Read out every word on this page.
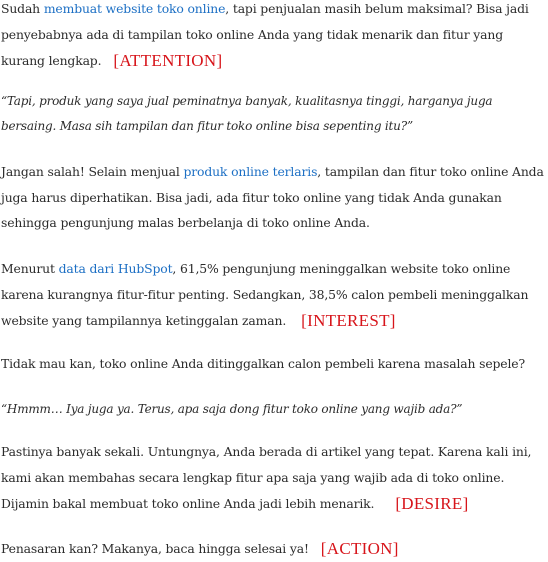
Sudah membuat website toko online, tapi penjualan masih belum maksimal? Bisa jadi penyebabnya ada di tampilan toko online Anda yang tidak menarik dan fitur yang kurang lengkap. [ATTENTION]

“Tapi, produk yang saya jual peminatnya banyak, kualitasnya tinggi, harganya juga bersaing. Masa sih tampilan dan fitur toko online bisa sepenting itu?”

Jangan salah! Selain menjual produk online terlaris, tampilan dan fitur toko online Anda juga harus diperhatikan. Bisa jadi, ada fitur toko online yang tidak Anda gunakan sehingga pengunjung malas berbelanja di toko online Anda.

Menurut data dari HubSpot, 61,5% pengunjung meninggalkan website toko online karena kurangnya fitur-fitur penting. Sedangkan, 38,5% calon pembeli meninggalkan website yang tampilannya ketinggalan zaman. [INTEREST]

Tidak mau kan, toko online Anda ditinggalkan calon pembeli karena masalah sepele?

“Hmmm… Iya juga ya. Terus, apa saja dong fitur toko online yang wajib ada?”

Pastinya banyak sekali. Untungnya, Anda berada di artikel yang tepat. Karena kali ini, kami akan membahas secara lengkap fitur apa saja yang wajib ada di toko online. Dijamin bakal membuat toko online Anda jadi lebih menarik. [DESIRE]

Penasaran kan? Makanya, baca hingga selesai ya! [ACTION]
